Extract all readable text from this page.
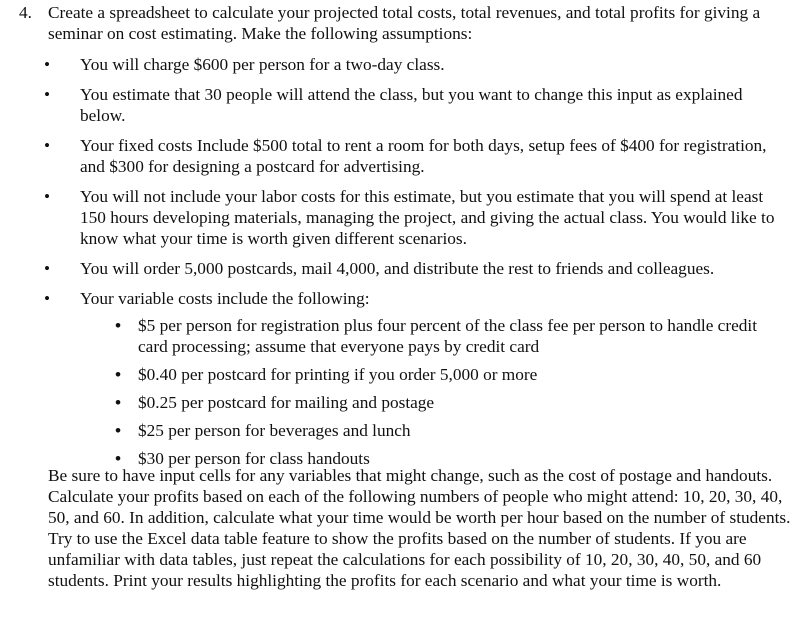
4. Create a spreadsheet to calculate your projected total costs, total revenues, and total profits for giving a seminar on cost estimating. Make the following assumptions:
• You will charge $600 per person for a two-day class.
• You estimate that 30 people will attend the class, but you want to change this input as explained below.
• Your fixed costs Include $500 total to rent a room for both days, setup fees of $400 for registration, and $300 for designing a postcard for advertising.
• You will not include your labor costs for this estimate, but you estimate that you will spend at least 150 hours developing materials, managing the project, and giving the actual class. You would like to know what your time is worth given different scenarios.
• You will order 5,000 postcards, mail 4,000, and distribute the rest to friends and colleagues.
• Your variable costs include the following:
• $5 per person for registration plus four percent of the class fee per person to handle credit card processing; assume that everyone pays by credit card
• $0.40 per postcard for printing if you order 5,000 or more
• $0.25 per postcard for mailing and postage
• $25 per person for beverages and lunch
• $30 per person for class handouts
Be sure to have input cells for any variables that might change, such as the cost of postage and handouts. Calculate your profits based on each of the following numbers of people who might attend: 10, 20, 30, 40, 50, and 60. In addition, calculate what your time would be worth per hour based on the number of students. Try to use the Excel data table feature to show the profits based on the number of students. If you are unfamiliar with data tables, just repeat the calculations for each possibility of 10, 20, 30, 40, 50, and 60 students. Print your results highlighting the profits for each scenario and what your time is worth.
